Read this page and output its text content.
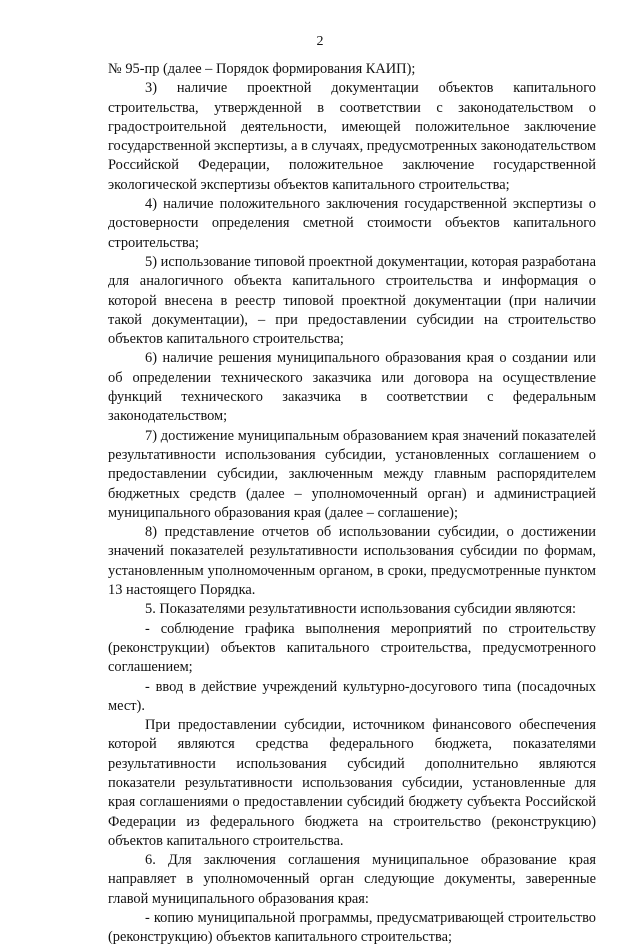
2

№ 95-пр (далее – Порядок формирования КАИП);

3) наличие проектной документации объектов капитального строительства, утвержденной в соответствии с законодательством о градостроительной деятельности, имеющей положительное заключение государственной экспертизы, а в случаях, предусмотренных законодательством Российской Федерации, положительное заключение государственной экологической экспертизы объектов капитального строительства;

4) наличие положительного заключения государственной экспертизы о достоверности определения сметной стоимости объектов капитального строительства;

5) использование типовой проектной документации, которая разработана для аналогичного объекта капитального строительства и информация о которой внесена в реестр типовой проектной документации (при наличии такой документации), – при предоставлении субсидии на строительство объектов капитального строительства;

6) наличие решения муниципального образования края о создании или об определении технического заказчика или договора на осуществление функций технического заказчика в соответствии с федеральным законодательством;

7) достижение муниципальным образованием края значений показателей результативности использования субсидии, установленных соглашением о предоставлении субсидии, заключенным между главным распорядителем бюджетных средств (далее – уполномоченный орган) и администрацией муниципального образования края (далее – соглашение);

8) представление отчетов об использовании субсидии, о достижении значений показателей результативности использования субсидии по формам, установленным уполномоченным органом, в сроки, предусмотренные пунктом 13 настоящего Порядка.

5. Показателями результативности использования субсидии являются:

- соблюдение графика выполнения мероприятий по строительству (реконструкции) объектов капитального строительства, предусмотренного соглашением;

- ввод в действие учреждений культурно-досугового типа (посадочных мест).

При предоставлении субсидии, источником финансового обеспечения которой являются средства федерального бюджета, показателями результативности использования субсидий дополнительно являются показатели результативности использования субсидии, установленные для края соглашениями о предоставлении субсидий бюджету субъекта Российской Федерации из федерального бюджета на строительство (реконструкцию) объектов капитального строительства.

6. Для заключения соглашения муниципальное образование края направляет в уполномоченный орган следующие документы, заверенные главой муниципального образования края:

- копию муниципальной программы, предусматривающей строительство (реконструкцию) объектов капитального строительства;
